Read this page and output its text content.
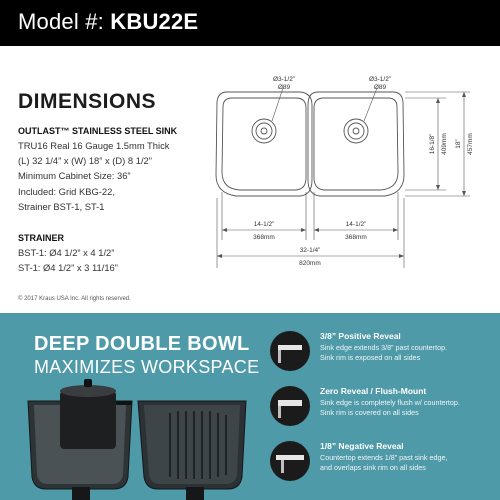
Model #: KBU22E
DIMENSIONS
OUTLAST™ STAINLESS STEEL SINK
TRU16 Real 16 Gauge 1.5mm Thick
(L) 32 1/4” x (W) 18” x (D) 8 1/2”
Minimum Cabinet Size: 36”
Included: Grid KBG-22,
Strainer BST-1, ST-1
STRAINER
BST-1: Ø4 1/2” x 4 1/2”
ST-1: Ø4 1/2” x 3 11/16”
© 2017 Kraus USA Inc. All rights reserved.
Ø3-1/2”
Ø89
Ø3-1/2”
Ø89
14-1/2”
368mm
14-1/2”
368mm
32-1/4”
820mm
16-1/8” 409mm 18” 457mm
DEEP DOUBLE BOWL
MAXIMIZES WORKSPACE
3/8” Positive Reveal
Sink edge extends 3/8” past countertop.
Sink rim is exposed on all sides
Zero Reveal / Flush-Mount
Sink edge is completely flush w/ countertop.
Sink rim is covered on all sides
1/8” Negative Reveal
Countertop extends 1/8” past sink edge,
and overlaps sink rim on all sides
